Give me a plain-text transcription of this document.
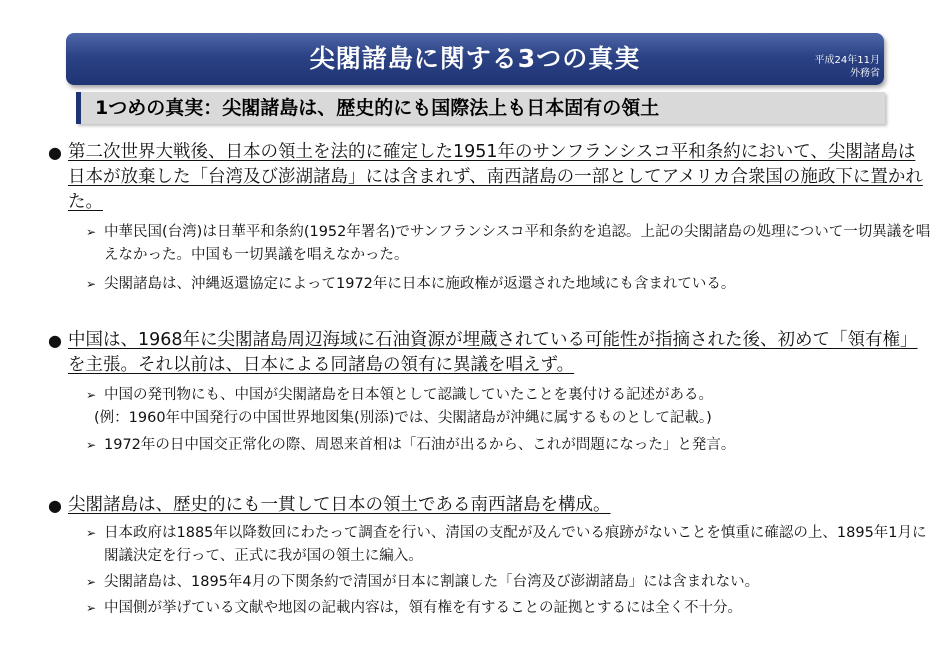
尖閣諸島に関する3つの真実	平成24年11月
外務省
1つめの真実：尖閣諸島は、歴史的にも国際法上も日本固有の領土
● 第二次世界大戦後、日本の領土を法的に確定した1951年のサンフランシスコ平和条約において、尖閣諸島は日本が放棄した「台湾及び澎湖諸島」には含まれず、南西諸島の一部としてアメリカ合衆国の施政下に置かれた。
➢ 中華民国(台湾)は日華平和条約(1952年署名)でサンフランシスコ平和条約を追認。上記の尖閣諸島の処理について一切異議を唱えなかった。中国も一切異議を唱えなかった。
➢ 尖閣諸島は、沖縄返還協定によって1972年に日本に施政権が返還された地域にも含まれている。
● 中国は、1968年に尖閣諸島周辺海域に石油資源が埋蔵されている可能性が指摘された後、初めて「領有権」を主張。それ以前は、日本による同諸島の領有に異議を唱えず。
➢ 中国の発刊物にも、中国が尖閣諸島を日本領として認識していたことを裏付ける記述がある。
(例：1960年中国発行の中国世界地図集(別添)では、尖閣諸島が沖縄に属するものとして記載。)
➢ 1972年の日中国交正常化の際、周恩来首相は「石油が出るから、これが問題になった」と発言。
● 尖閣諸島は、歴史的にも一貫して日本の領土である南西諸島を構成。
➢ 日本政府は1885年以降数回にわたって調査を行い、清国の支配が及んでいる痕跡がないことを慎重に確認の上、1895年1月に閣議決定を行って、正式に我が国の領土に編入。
➢ 尖閣諸島は、1895年4月の下関条約で清国が日本に割譲した「台湾及び澎湖諸島」には含まれない。
➢ 中国側が挙げている文献や地図の記載内容は，領有権を有することの証拠とするには全く不十分。
